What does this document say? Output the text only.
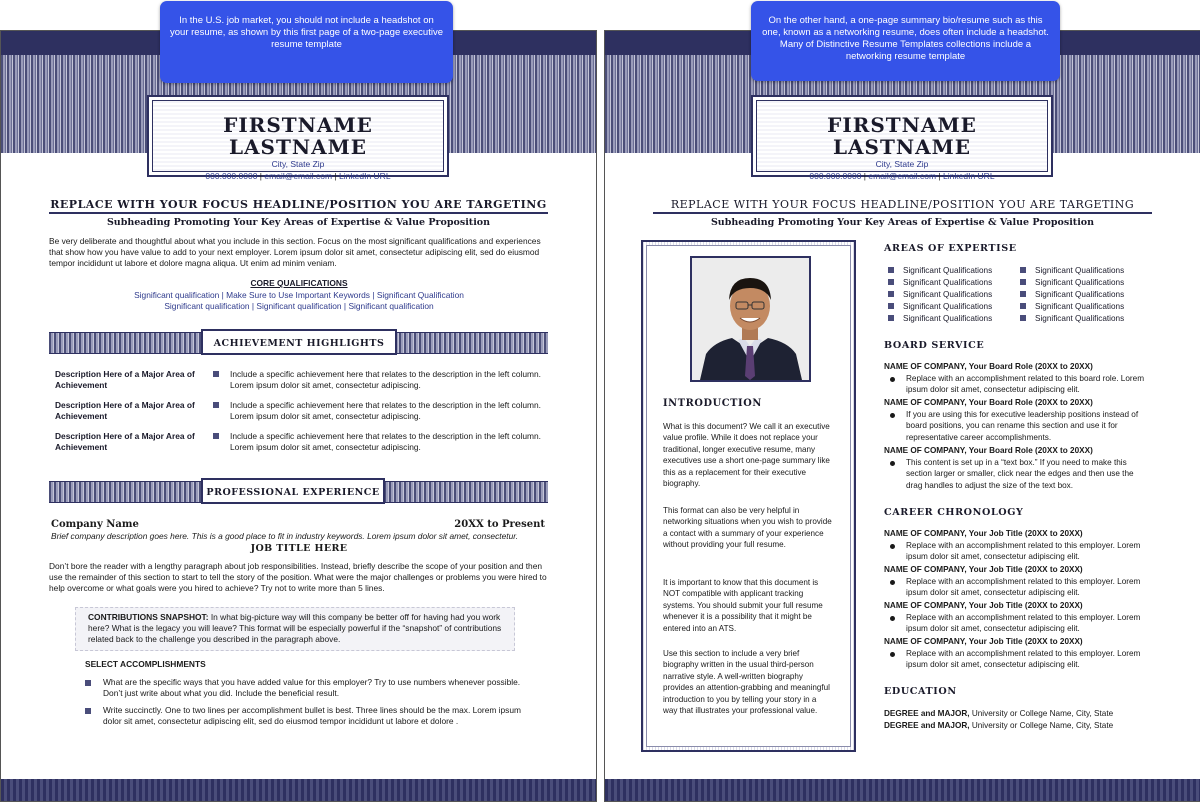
FIRSTNAME LASTNAME
City, State Zip
000.000.0000 | email@email.com | LinkedIn URL
REPLACE WITH YOUR FOCUS HEADLINE/POSITION YOU ARE TARGETING
Subheading Promoting Your Key Areas of Expertise & Value Proposition
Be very deliberate and thoughtful about what you include in this section. Focus on the most significant qualifications and experiences that show how you have value to add to your next employer. Lorem ipsum dolor sit amet, consectetur adipiscing elit, sed do eiusmod tempor incididunt ut labore et dolore magna aliqua. Ut enim ad minim veniam.
CORE QUALIFICATIONS
Significant qualification | Make Sure to Use Important Keywords | Significant Qualification
Significant qualification | Significant qualification | Significant qualification
ACHIEVEMENT HIGHLIGHTS
Description Here of a Major Area of Achievement
Include a specific achievement here that relates to the description in the left column. Lorem ipsum dolor sit amet, consectetur adipiscing.
Description Here of a Major Area of Achievement
Include a specific achievement here that relates to the description in the left column. Lorem ipsum dolor sit amet, consectetur adipiscing.
Description Here of a Major Area of Achievement
Include a specific achievement here that relates to the description in the left column. Lorem ipsum dolor sit amet, consectetur adipiscing.
PROFESSIONAL EXPERIENCE
Company Name	20XX to Present
Brief company description goes here. This is a good place to fit in industry keywords. Lorem ipsum dolor sit amet, consectetur.
JOB TITLE HERE
Don’t bore the reader with a lengthy paragraph about job responsibilities. Instead, briefly describe the scope of your position and then use the remainder of this section to start to tell the story of the position. What were the major challenges or problems you were hired to help overcome or what goals were you hired to achieve? Try not to write more than 5 lines.
CONTRIBUTIONS SNAPSHOT: In what big-picture way will this company be better off for having had you work here? What is the legacy you will leave? This format will be especially powerful if the “snapshot” of contributions related back to the challenge you described in the paragraph above.
SELECT ACCOMPLISHMENTS
What are the specific ways that you have added value for this employer? Try to use numbers whenever possible. Don’t just write about what you did. Include the beneficial result.
Write succinctly. One to two lines per accomplishment bullet is best. Three lines should be the max. Lorem ipsum dolor sit amet, consectetur adipiscing elit, sed do eiusmod tempor incididunt ut labore et dolore .
FIRSTNAME LASTNAME
City, State Zip
000.000.0000 | email@email.com | LinkedIn URL
REPLACE WITH YOUR FOCUS HEADLINE/POSITION YOU ARE TARGETING
Subheading Promoting Your Key Areas of Expertise & Value Proposition
INTRODUCTION
What is this document? We call it an executive value profile. While it does not replace your traditional, longer executive resume, many executives use a short one-page summary like this as a replacement for their executive biography.
This format can also be very helpful in networking situations when you wish to provide a contact with a summary of your experience without providing your full resume.
It is important to know that this document is NOT compatible with applicant tracking systems. You should submit your full resume whenever it is a possibility that it might be entered into an ATS.
Use this section to include a very brief biography written in the usual third-person narrative style. A well-written biography provides an attention-grabbing and meaningful introduction to you by telling your story in a way that illustrates your professional value.
AREAS OF EXPERTISE
Significant Qualifications
Significant Qualifications
Significant Qualifications
Significant Qualifications
Significant Qualifications
Significant Qualifications
Significant Qualifications
Significant Qualifications
Significant Qualifications
Significant Qualifications
BOARD SERVICE
NAME OF COMPANY, Your Board Role (20XX to 20XX)
Replace with an accomplishment related to this board role. Lorem ipsum dolor sit amet, consectetur adipiscing elit.
NAME OF COMPANY, Your Board Role (20XX to 20XX)
If you are using this for executive leadership positions instead of board positions, you can rename this section and use it for representative career accomplishments.
NAME OF COMPANY, Your Board Role (20XX to 20XX)
This content is set up in a “text box.” If you need to make this section larger or smaller, click near the edges and then use the drag handles to adjust the size of the text box.
CAREER CHRONOLOGY
NAME OF COMPANY, Your Job Title (20XX to 20XX)
Replace with an accomplishment related to this employer. Lorem ipsum dolor sit amet, consectetur adipiscing elit.
NAME OF COMPANY, Your Job Title (20XX to 20XX)
Replace with an accomplishment related to this employer. Lorem ipsum dolor sit amet, consectetur adipiscing elit.
NAME OF COMPANY, Your Job Title (20XX to 20XX)
Replace with an accomplishment related to this employer. Lorem ipsum dolor sit amet, consectetur adipiscing elit.
NAME OF COMPANY, Your Job Title (20XX to 20XX)
Replace with an accomplishment related to this employer. Lorem ipsum dolor sit amet, consectetur adipiscing elit.
EDUCATION
DEGREE and MAJOR, University or College Name, City, State
DEGREE and MAJOR, University or College Name, City, State
In the U.S. job market, you should not include a headshot on your resume, as shown by this first page of a two-page executive resume template
On the other hand, a one-page summary bio/resume such as this one, known as a networking resume, does often include a headshot. Many of Distinctive Resume Templates collections include a networking resume template
